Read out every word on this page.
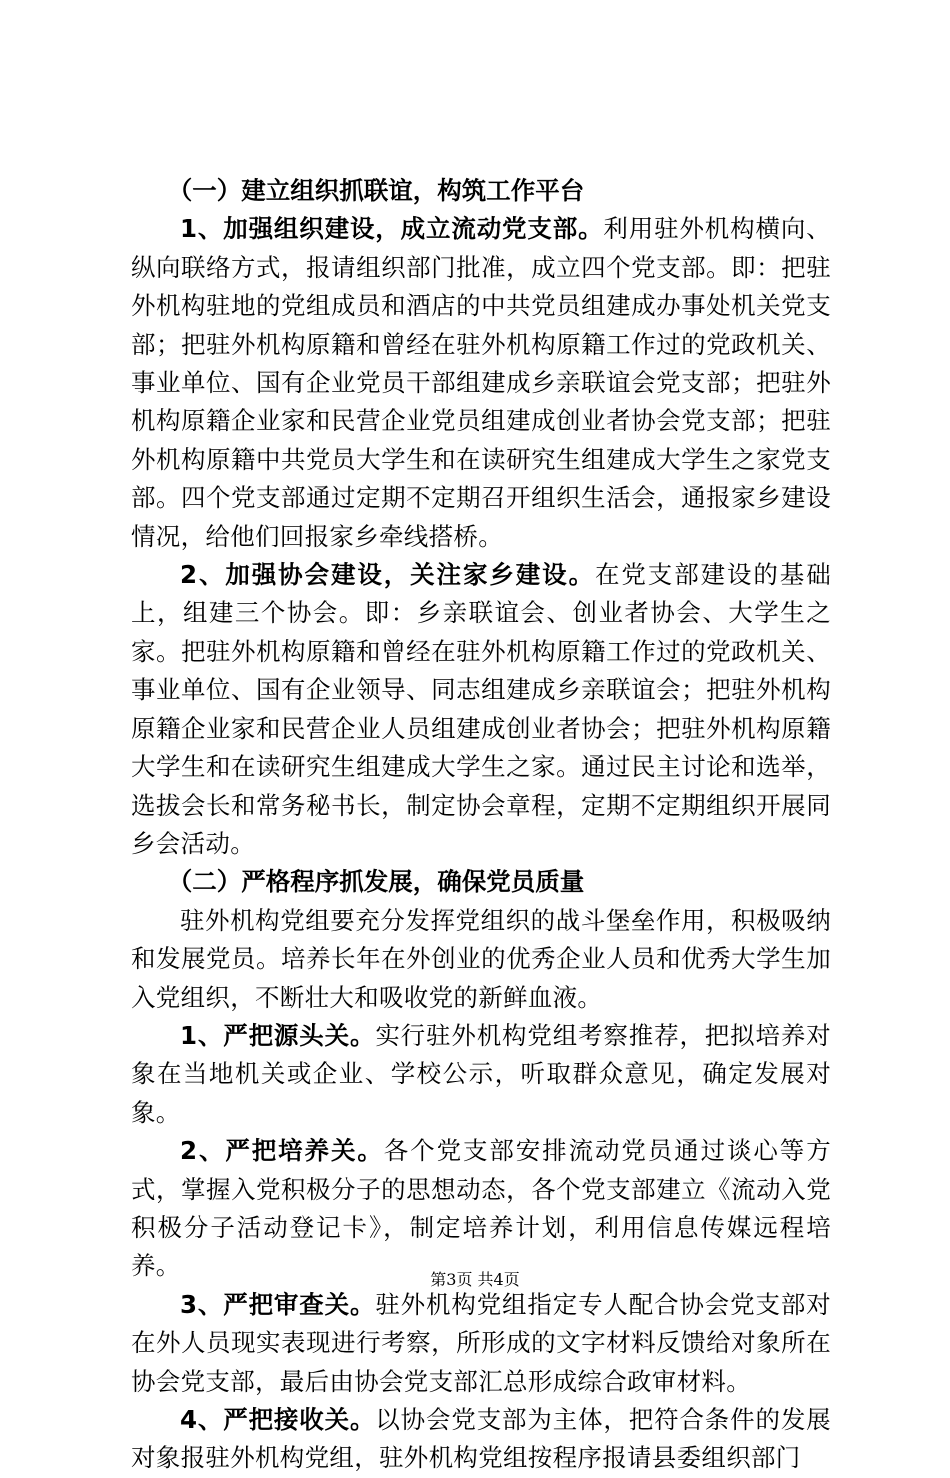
（一）建立组织抓联谊，构筑工作平台

1、加强组织建设，成立流动党支部。利用驻外机构横向、纵向联络方式，报请组织部门批准，成立四个党支部。即：把驻外机构驻地的党组成员和酒店的中共党员组建成办事处机关党支部；把驻外机构原籍和曾经在驻外机构原籍工作过的党政机关、事业单位、国有企业党员干部组建成乡亲联谊会党支部；把驻外机构原籍企业家和民营企业党员组建成创业者协会党支部；把驻外机构原籍中共党员大学生和在读研究生组建成大学生之家党支部。四个党支部通过定期不定期召开组织生活会，通报家乡建设情况，给他们回报家乡牵线搭桥。

2、加强协会建设，关注家乡建设。在党支部建设的基础上，组建三个协会。即：乡亲联谊会、创业者协会、大学生之家。把驻外机构原籍和曾经在驻外机构原籍工作过的党政机关、事业单位、国有企业领导、同志组建成乡亲联谊会；把驻外机构原籍企业家和民营企业人员组建成创业者协会；把驻外机构原籍大学生和在读研究生组建成大学生之家。通过民主讨论和选举，选拔会长和常务秘书长，制定协会章程，定期不定期组织开展同乡会活动。

（二）严格程序抓发展，确保党员质量

驻外机构党组要充分发挥党组织的战斗堡垒作用，积极吸纳和发展党员。培养长年在外创业的优秀企业人员和优秀大学生加入党组织，不断壮大和吸收党的新鲜血液。

1、严把源头关。实行驻外机构党组考察推荐，把拟培养对象在当地机关或企业、学校公示，听取群众意见，确定发展对象。

2、严把培养关。各个党支部安排流动党员通过谈心等方式，掌握入党积极分子的思想动态，各个党支部建立《流动入党积极分子活动登记卡》，制定培养计划，利用信息传媒远程培养。

3、严把审查关。驻外机构党组指定专人配合协会党支部对在外人员现实表现进行考察，所形成的文字材料反馈给对象所在协会党支部，最后由协会党支部汇总形成综合政审材料。

4、严把接收关。以协会党支部为主体，把符合条件的发展对象报驻外机构党组，驻外机构党组按程序报请县委组织部门

第3页 共4页
